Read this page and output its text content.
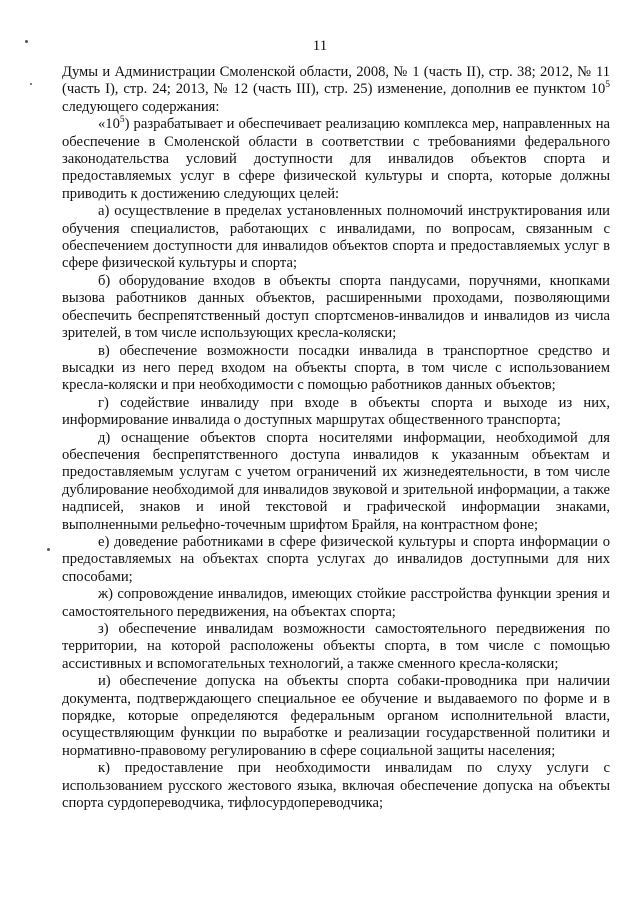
11

Думы и Администрации Смоленской области, 2008, № 1 (часть II), стр. 38; 2012, № 11 (часть I), стр. 24; 2013, № 12 (часть III), стр. 25) изменение, дополнив ее пунктом $10^5$ следующего содержания:

«$10^5$) разрабатывает и обеспечивает реализацию комплекса мер, направленных на обеспечение в Смоленской области в соответствии с требованиями федерального законодательства условий доступности для инвалидов объектов спорта и предоставляемых услуг в сфере физической культуры и спорта, которые должны приводить к достижению следующих целей:

а) осуществление в пределах установленных полномочий инструктирования или обучения специалистов, работающих с инвалидами, по вопросам, связанным с обеспечением доступности для инвалидов объектов спорта и предоставляемых услуг в сфере физической культуры и спорта;

б) оборудование входов в объекты спорта пандусами, поручнями, кнопками вызова работников данных объектов, расширенными проходами, позволяющими обеспечить беспрепятственный доступ спортсменов-инвалидов и инвалидов из числа зрителей, в том числе использующих кресла-коляски;

в) обеспечение возможности посадки инвалида в транспортное средство и высадки из него перед входом на объекты спорта, в том числе с использованием кресла-коляски и при необходимости с помощью работников данных объектов;

г) содействие инвалиду при входе в объекты спорта и выходе из них, информирование инвалида о доступных маршрутах общественного транспорта;

д) оснащение объектов спорта носителями информации, необходимой для обеспечения беспрепятственного доступа инвалидов к указанным объектам и предоставляемым услугам с учетом ограничений их жизнедеятельности, в том числе дублирование необходимой для инвалидов звуковой и зрительной информации, а также надписей, знаков и иной текстовой и графической информации знаками, выполненными рельефно-точечным шрифтом Брайля, на контрастном фоне;

е) доведение работниками в сфере физической культуры и спорта информации о предоставляемых на объектах спорта услугах до инвалидов доступными для них способами;

ж) сопровождение инвалидов, имеющих стойкие расстройства функции зрения и самостоятельного передвижения, на объектах спорта;

з) обеспечение инвалидам возможности самостоятельного передвижения по территории, на которой расположены объекты спорта, в том числе с помощью ассистивных и вспомогательных технологий, а также сменного кресла-коляски;

и) обеспечение допуска на объекты спорта собаки-проводника при наличии документа, подтверждающего специальное ее обучение и выдаваемого по форме и в порядке, которые определяются федеральным органом исполнительной власти, осуществляющим функции по выработке и реализации государственной политики и нормативно-правовому регулированию в сфере социальной защиты населения;

к) предоставление при необходимости инвалидам по слуху услуги с использованием русского жестового языка, включая обеспечение допуска на объекты спорта сурдопереводчика, тифлосурдопереводчика;
